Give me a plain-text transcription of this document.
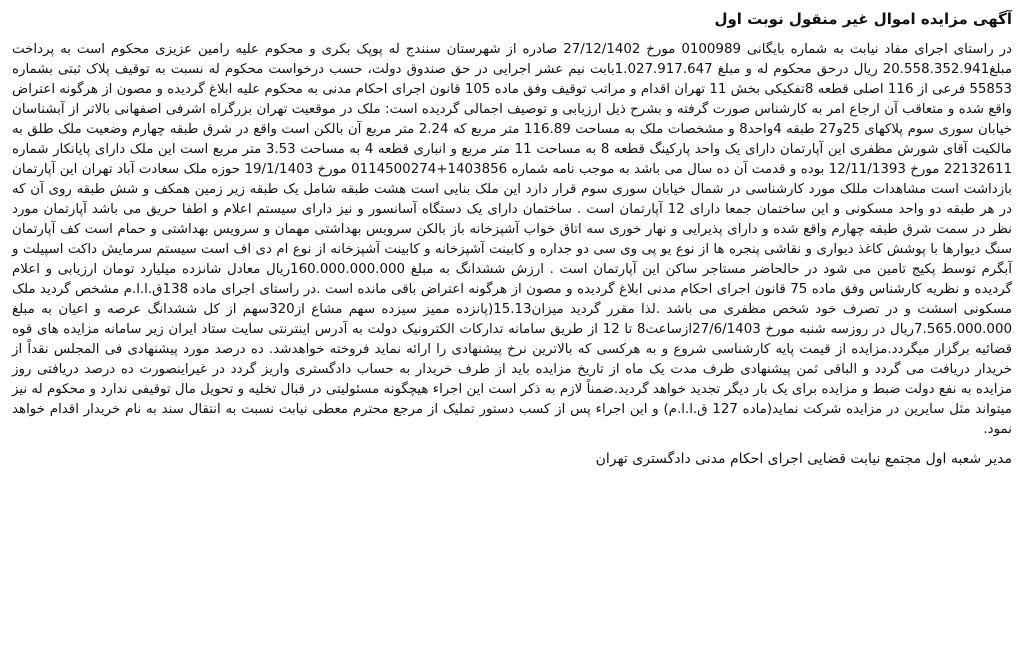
آگهی مزایده اموال غیر منقول نوبت اول

در راستای اجرای مفاد نیابت به شماره بایگانی 0100989 مورخ 27/12/1402 صادره از شهرستان سنندج له پوپک بکری و محکوم علیه رامین عزیزی محکوم است به پرداخت مبلغ20.558.352.941 ریال درحق محکوم له و مبلغ 1.027.917.647بابت نیم عشر اجرایی در حق صندوق دولت، حسب درخواست محکوم له نسبت به توقیف پلاک ثبتی بشماره 55853 فرعی از 116 اصلی قطعه 8تفکیکی بخش 11 تهران اقدام و مراتب توقیف وفق ماده 105 قانون اجرای احکام مدنی به محکوم علیه ابلاغ گردیده و مصون از هرگونه اعتراض واقع شده و متعاقب آن ارجاع امر به کارشناس صورت گرفته و بشرح ذیل ارزیابی و توصیف اجمالی گردیده است: ملک در موقعیت تهران بزرگراه اشرفی اصفهانی بالاتر از آبشناسان خیابان سوری سوم پلاکهای 25و27 طبقه 4واحد8 و مشخصات ملک به مساحت 116.89 متر مربع که 2.24 متر مربع آن بالکن است واقع در شرق طبقه چهارم وضعیت ملک طلق به مالکیت آقای شورش مظفری این آپارتمان دارای یک واحد پارکینگ قطعه 8 به مساحت 11 متر مربع و انباری قطعه 4 به مساحت 3.53 متر مربع است این ملک دارای پایانکار شماره 22132611 مورخ 12/11/1393 بوده و قدمت آن ده سال می باشد به موجب نامه شماره 1403856+0114500274 مورخ 19/1/1403 حوزه ملک سعادت آباد تهران این آپارتمان بازداشت است مشاهدات مللک مورد کارشناسی در شمال خیابان سوری سوم قرار دارد این ملک بنایی است هشت طبقه شامل یک طبقه زیر زمین همکف و شش طبقه روی آن که در هر طبقه دو واحد مسکونی و این ساختمان جمعا دارای 12 آپارتمان است . ساختمان دارای یک دستگاه آسانسور و نیز دارای سیستم اعلام و اطفا حریق می باشد آپارتمان مورد نظر در سمت شرق طبقه چهارم واقع شده و دارای پذیرایی و نهار خوری سه اتاق خواب آشپزخانه باز بالکن سرویس بهداشتی مهمان و سرویس بهداشتی و حمام است کف آپارتمان سنگ دیوارها با پوشش کاغذ دیواری و نقاشی پنجره ها از نوع یو پی وی سی دو جداره و کابینت آشپزخانه و کابینت آشپزخانه از نوع ام دی اف است سیستم سرمایش داکت اسپیلت و آبگرم توسط پکیج تامین می شود در حالحاضر مستاجر ساکن این آپارتمان است . ارزش ششدانگ به مبلغ 160.000.000.000ریال معادل شانزده میلیارد تومان ارزیابی و اعلام گردیده و نظریه کارشناس وفق ماده 75 قانون اجرای احکام مدنی ابلاغ گردیده و مصون از هرگونه اعتراض باقی مانده است .در راستای اجرای ماده 138ق.ا.ا.م مشخص گردید ملک مسکونی اسشت و در تصرف خود شخص مظفری می باشد .لذا مقرر گردید میزان15.13(پانزده ممیز سیزده سهم مشاع از320سهم از کل ششدانگ عرصه و اعیان به مبلغ 7.565.000.000ریال در روزسه شنبه مورخ 27/6/1403ازساعت8 تا 12 از طریق سامانه تدارکات الکترونیک دولت به آدرس اینترنتی سایت ستاد ایران زیر سامانه مزایده های قوه قضائیه برگزار میگردد.مزایده از قیمت پایه کارشناسی شروع و به هرکسی که بالاترین نرخ پیشنهادی را ارائه نماید فروخته خواهدشد. ده درصد مورد پیشنهادی فی المجلس نقداً از خریدار دریافت می گردد و الباقی ثمن پیشنهادی ظرف مدت یک ماه از تاریخ مزایده باید از طرف خریدار به حساب دادگستری واریز گردد در غیراینصورت ده درصد دریافتی روز مزایده به نفع دولت ضبط و مزایده برای یک بار دیگر تجدید خواهد گردید.ضمناً لازم به ذکر است این اجراء هیچگونه مسئولیتی در قبال تخلیه و تحویل مال توقیفی ندارد و محکوم له نیز میتواند مثل سایرین در مزایده شرکت نماید(ماده 127 ق.ا.ا.م) و این اجراء پس از کسب دستور تملیک از مرجع محترم معطی نیابت نسبت به انتقال سند به نام خریدار اقدام خواهد نمود.

مدیر شعبه اول مجتمع نیابت قضایی اجرای احکام مدنی دادگستری تهران
